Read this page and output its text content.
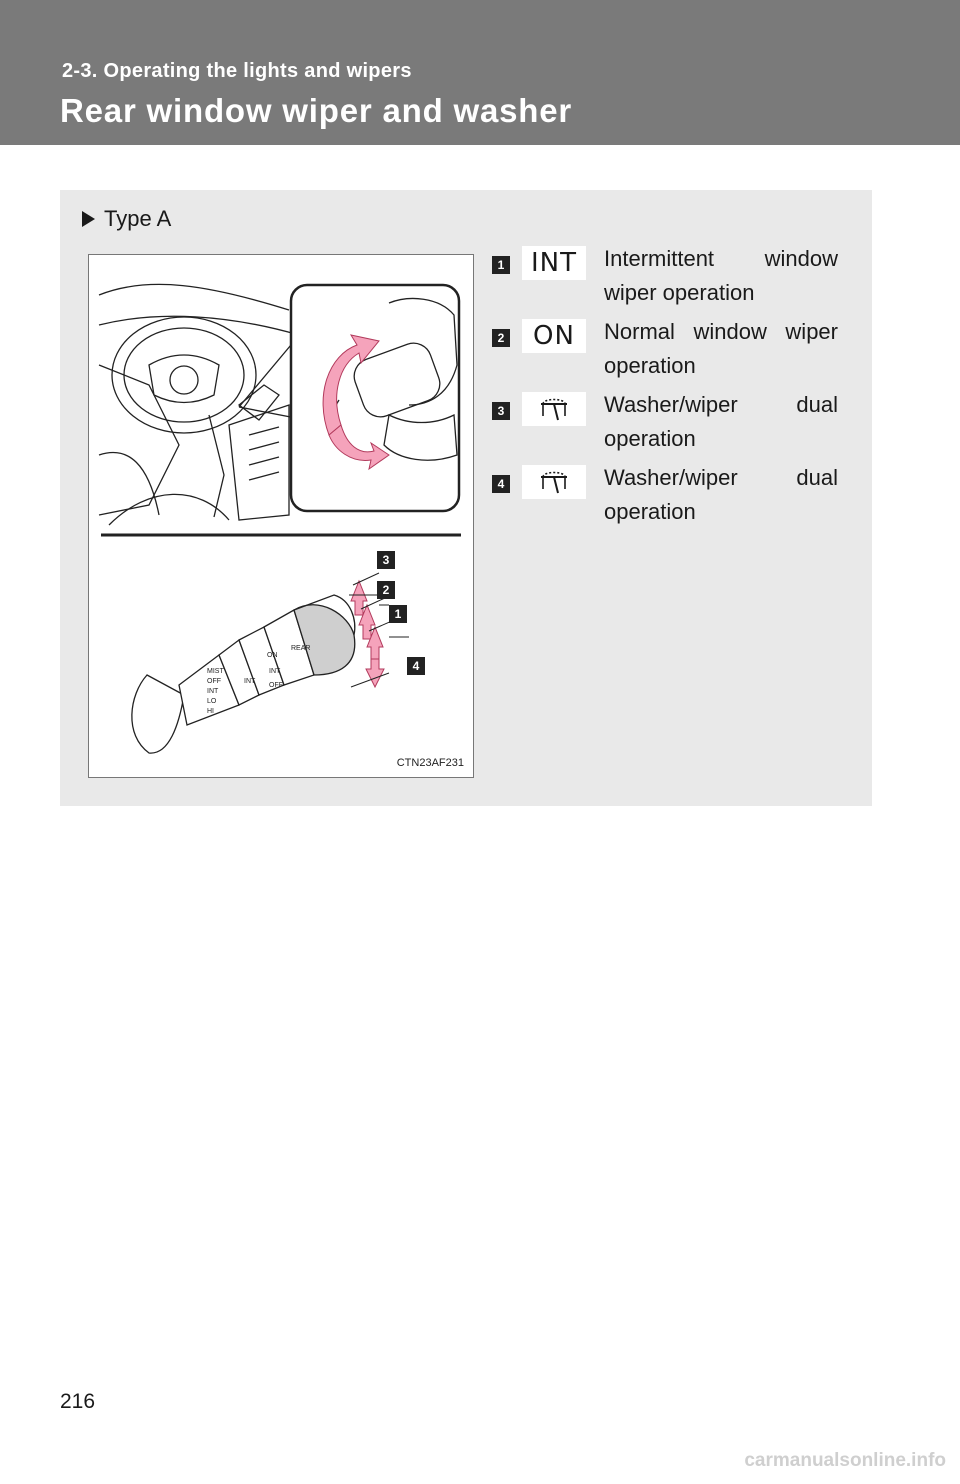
2-3. Operating the lights and wipers
Rear window wiper and washer
Type A
MIST
OFF
INT
LO
HI
INT
ON
INT
OFF
REAR
3
2
1
4
CTN23AF231
1	INT	Intermittent window wiper operation
2	ON	Normal window wiper operation
3	Washer/wiper dual operation
4	Washer/wiper dual operation
216
carmanualsonline.info
